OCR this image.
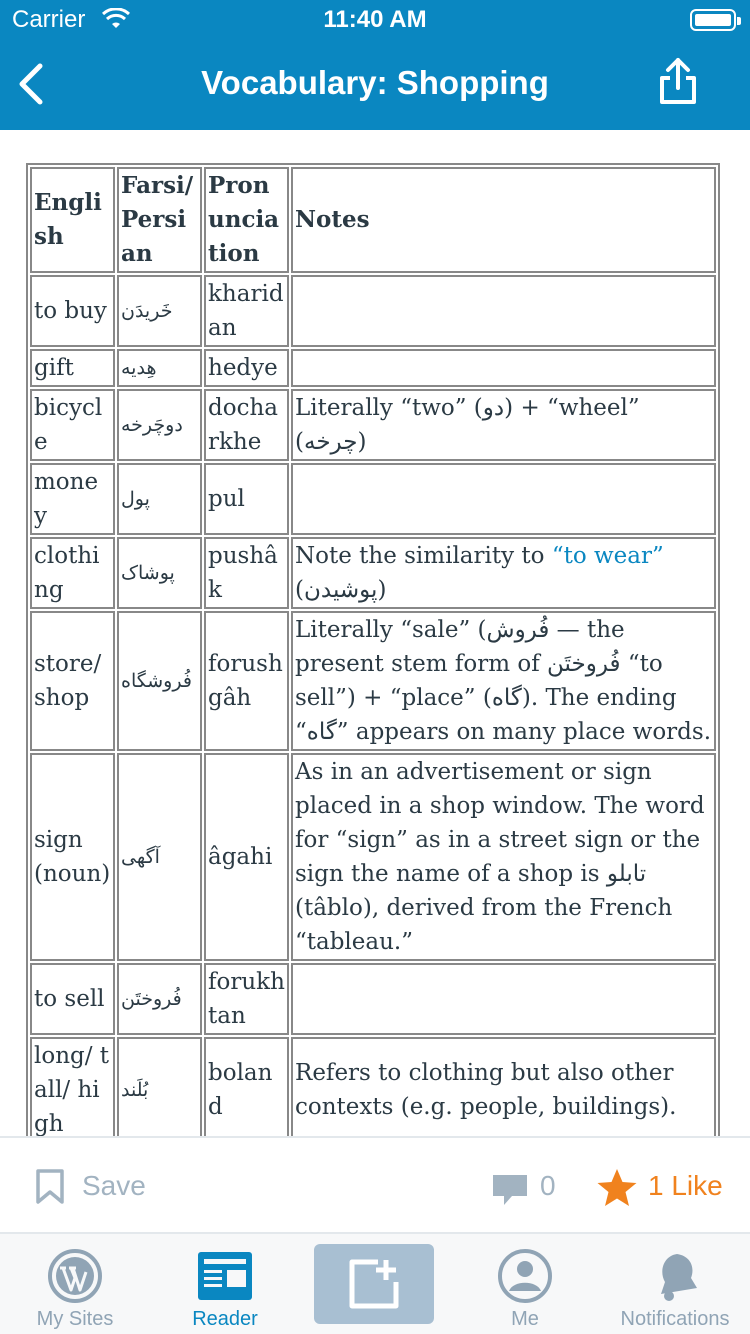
Carrier	11:40 AM
Vocabulary: Shopping
English	Farsi/ Persian	Pronunciation	Notes
to buy	خَریدَن	kharidan	
gift	هِدیه	hedye	
bicycle	دوچَرخه	docharkhe	Literally “two” (دو) + “wheel” (چرخه)
money	پول	pul	
clothing	پوشاک	pushâk	Note the similarity to “to wear” (پوشیدن)
store/ shop	فُروشگاه	forush gâh	Literally “sale” (فُروش — the present stem form of فُروختَن “to sell”) + “place” (گاه). The ending “گاه” appears on many place words.
sign (noun)	آگهی	âgahi	As in an advertisement or sign placed in a shop window. The word for “sign” as in a street sign or the sign the name of a shop is تابلو (tâblo), derived from the French “tableau.”
to sell	فُروختَن	forukhtan	
long/ tall/ high	بُلَند	boland	Refers to clothing but also other contexts (e.g. people, buildings).

Save	0	1 Like
My Sites	Reader	Me	Notifications
